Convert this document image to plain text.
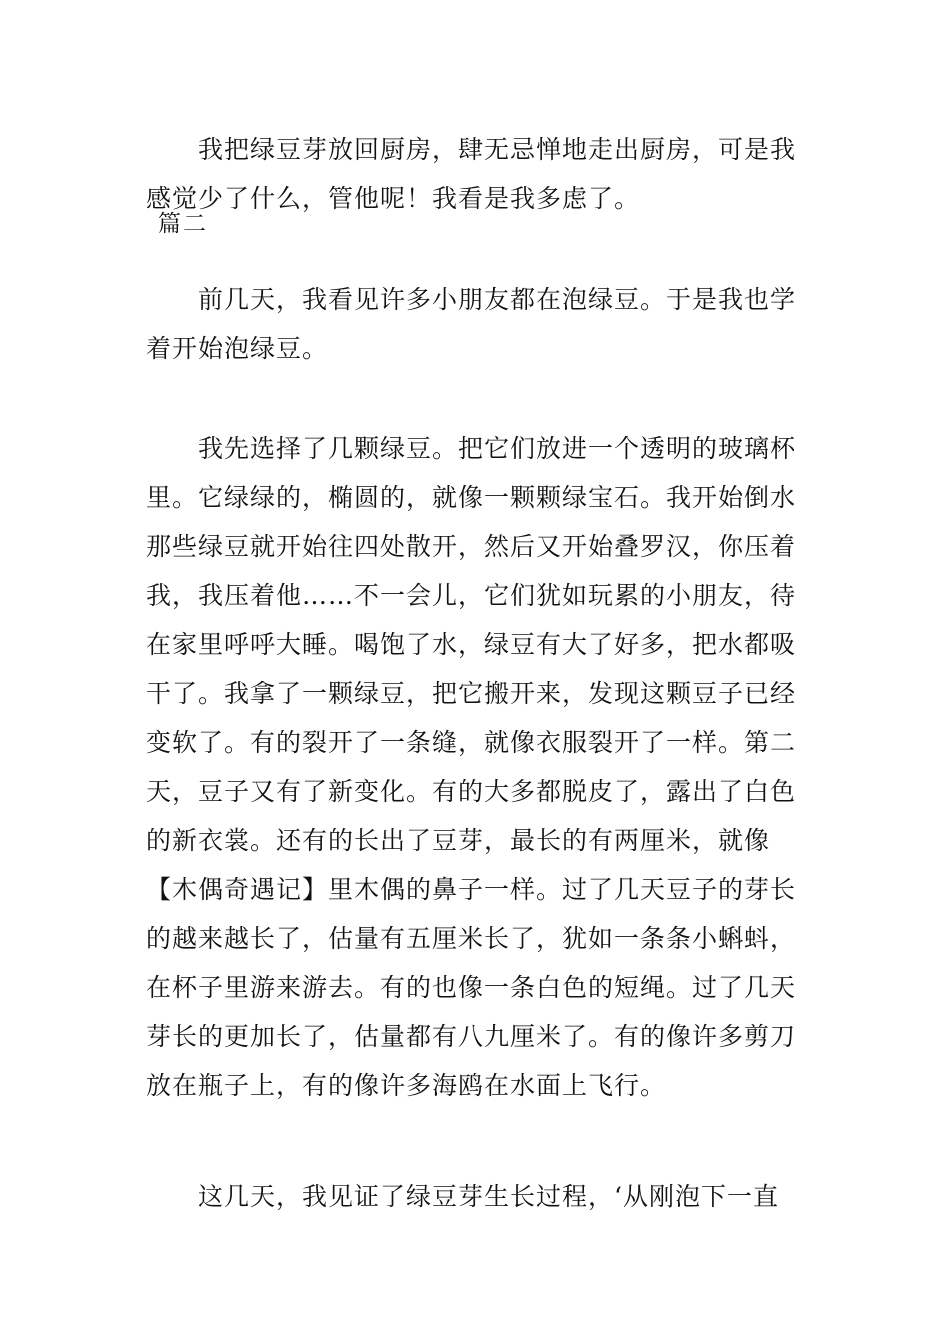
我把绿豆芽放回厨房，肆无忌惮地走出厨房，可是我
感觉少了什么，管他呢！我看是我多虑了。
篇二
前几天，我看见许多小朋友都在泡绿豆。于是我也学
着开始泡绿豆。
我先选择了几颗绿豆。把它们放进一个透明的玻璃杯
里。它绿绿的，椭圆的，就像一颗颗绿宝石。我开始倒水
那些绿豆就开始往四处散开，然后又开始叠罗汉，你压着
我，我压着他……不一会儿，它们犹如玩累的小朋友，待
在家里呼呼大睡。喝饱了水，绿豆有大了好多，把水都吸
干了。我拿了一颗绿豆，把它搬开来，发现这颗豆子已经
变软了。有的裂开了一条缝，就像衣服裂开了一样。第二
天，豆子又有了新变化。有的大多都脱皮了，露出了白色
的新衣裳。还有的长出了豆芽，最长的有两厘米，就像
【木偶奇遇记】里木偶的鼻子一样。过了几天豆子的芽长
的越来越长了，估量有五厘米长了，犹如一条条小蝌蚪，
在杯子里游来游去。有的也像一条白色的短绳。过了几天
芽长的更加长了，估量都有八九厘米了。有的像许多剪刀
放在瓶子上，有的像许多海鸥在水面上飞行。
这几天，我见证了绿豆芽生长过程，‘从刚泡下一直
